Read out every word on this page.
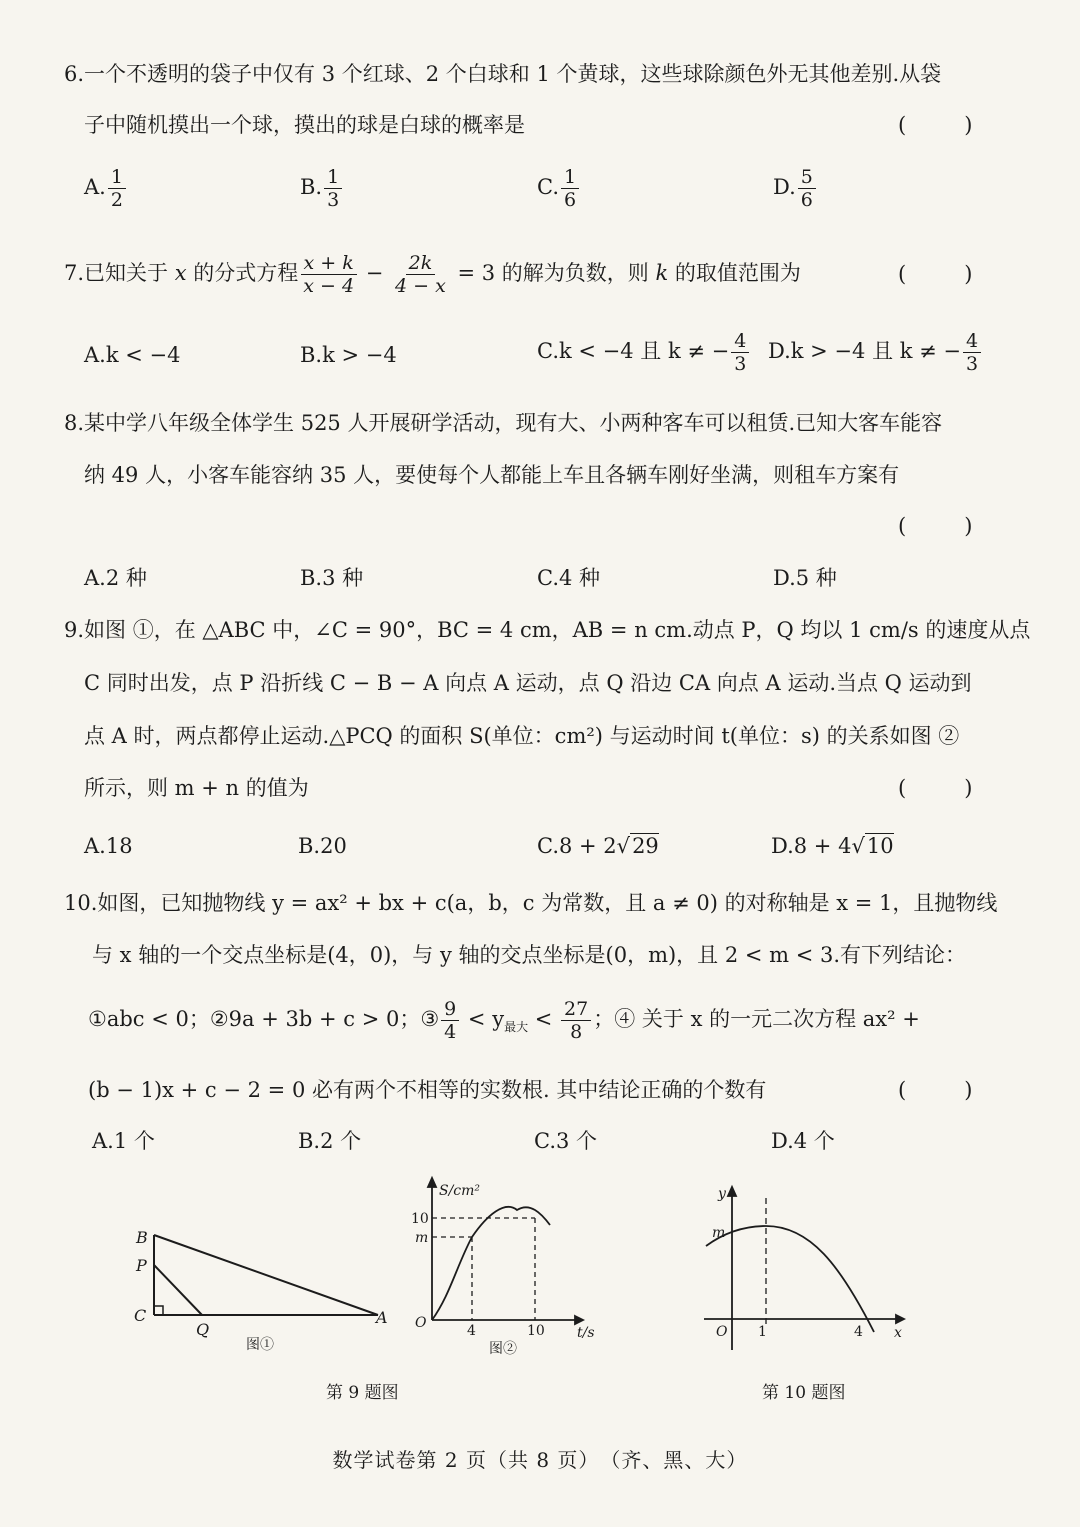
6.一个不透明的袋子中仅有 3 个红球、2 个白球和 1 个黄球，这些球除颜色外无其他差别.从袋
子中随机摸出一个球，摸出的球是白球的概率是	()
A. $\frac{1}{2}$	B. $\frac{1}{3}$	C. $\frac{1}{6}$	D. $\frac{5}{6}$
7.已知关于 x 的分式方程 $\frac{x + k}{x - 4} - \frac{2k}{4 - x} = 3$ 的解为负数，则 k 的取值范围为	()
A.k < −4	B.k > −4	C.k < −4 且 k ≠ − $\frac{4}{3} D.k > -4$ 且 k ≠ − $\frac{4}{3}$
8.某中学八年级全体学生 525 人开展研学活动，现有大、小两种客车可以租赁.已知大客车能容
纳 49 人，小客车能容纳 35 人，要使每个人都能上车且各辆车刚好坐满，则租车方案有
()
A.2 种	B.3 种	C.4 种	D.5 种
9.如图 ①，在 △ABC 中，∠C = 90°，BC = 4 cm，AB = n cm.动点 P，Q 均以 1 cm/s 的速度从点
C 同时出发，点 P 沿折线 C − B − A 向点 A 运动，点 Q 沿边 CA 向点 A 运动.当点 Q 运动到
点 A 时，两点都停止运动.△PCQ 的面积 S(单位：cm²) 与运动时间 t(单位：s) 的关系如图 ②
所示，则 m + n 的值为	()
A.18	B.20	C.8 + 2√29	D.8 + 4√10
10.如图，已知抛物线 y = ax² + bx + c(a，b，c 为常数，且 a ≠ 0) 的对称轴是 x = 1，且抛物线
与 x 轴的一个交点坐标是(4，0)，与 y 轴的交点坐标是(0，m)，且 2 < m < 3.有下列结论：
①abc < 0；②9a + 3b + c > 0；③ $\frac{9}{4} < y_{最大} < \frac{27}{8}$ ；④ 关于 x 的一元二次方程 ax² +
(b − 1)x + c − 2 = 0 必有两个不相等的实数根. 其中结论正确的个数有	()
A.1 个	B.2 个	C.3 个	D.4 个
B
P
C
Q
A
图①
S/cm²
t/s
O	4	10
10
m
图②
第 9 题图
y
x
O 1	4
m
第 10 题图
数学试卷第 2 页（共 8 页）　（齐、黑、大）
